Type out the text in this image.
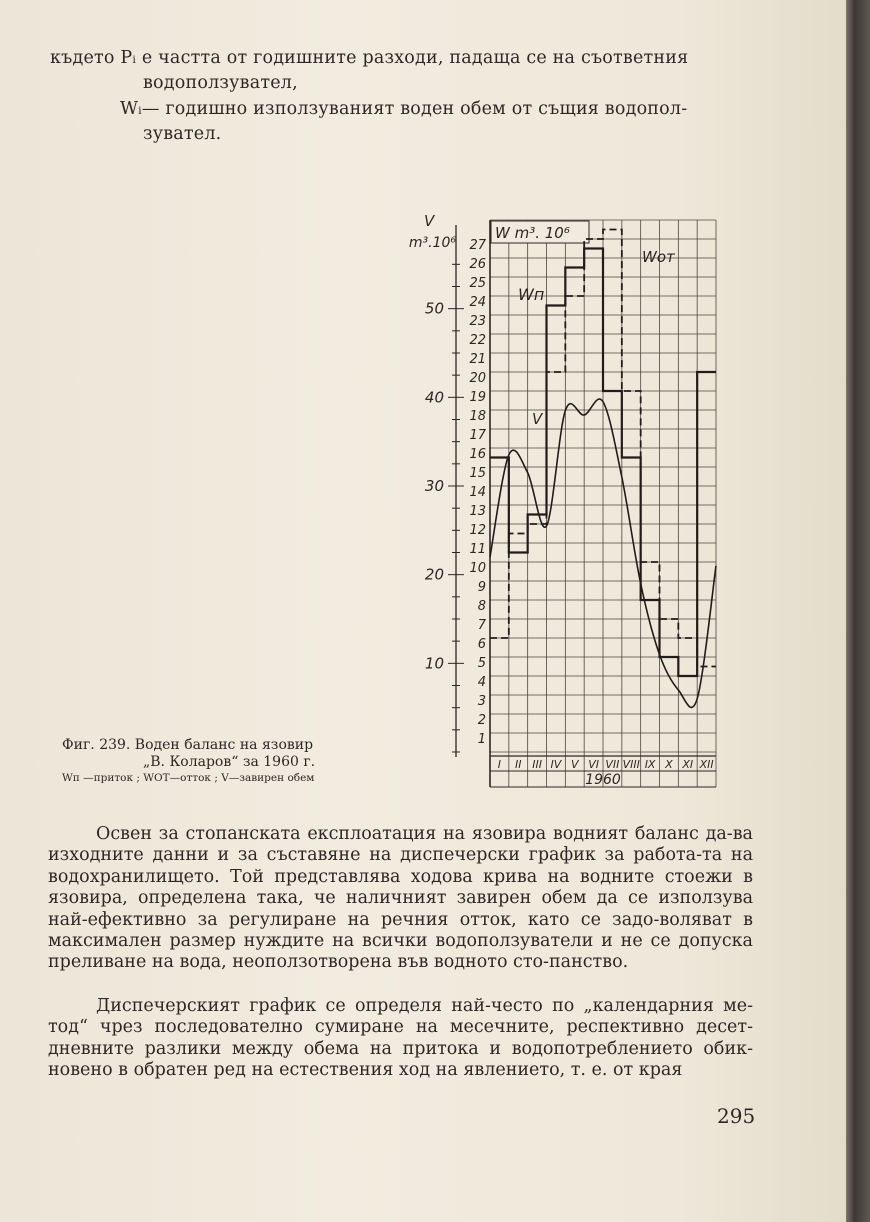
където Pᵢ е частта от годишните разходи, падаща се на съответния
водоползувател,
Wᵢ— годишно използуваният воден обем от същия водопол-
зувател.
10
20
30
40
50
V
m³.10⁶
1
2
3
4
5
6
7
8
9
10
11
12
13
14
15
16
17
18
19
20
21
22
23
24
25
26
27
W m³. 10⁶
I II III IV V VI VII VIII IX X XI XII
1960
Wп
Wот
V
Фиг. 239. Воден баланс на язовир
„В. Коларов“ за 1960 г.
Wп —приток ; WОТ—отток ; V—завирен обем
Освен за стопанската експлоатация на язовира водният баланс да-ва изходните данни и за съставяне на диспечерски график за работа-та на водохранилището. Той представлява ходова крива на водните стоежи в язовира, определена така, че наличният завирен обем да се използува най-ефективно за регулиране на речния отток, като се задо-воляват в максимален размер нуждите на всички водоползуватели и не се допуска преливане на вода, неоползотворена във водното сто-панство.
Диспечерският график се определя най-често по „календарния ме-тод“ чрез последователно сумиране на месечните, респективно десет-дневните разлики между обема на притока и водопотреблението обик-новено в обратен ред на естествения ход на явлението, т. е. от края
295
